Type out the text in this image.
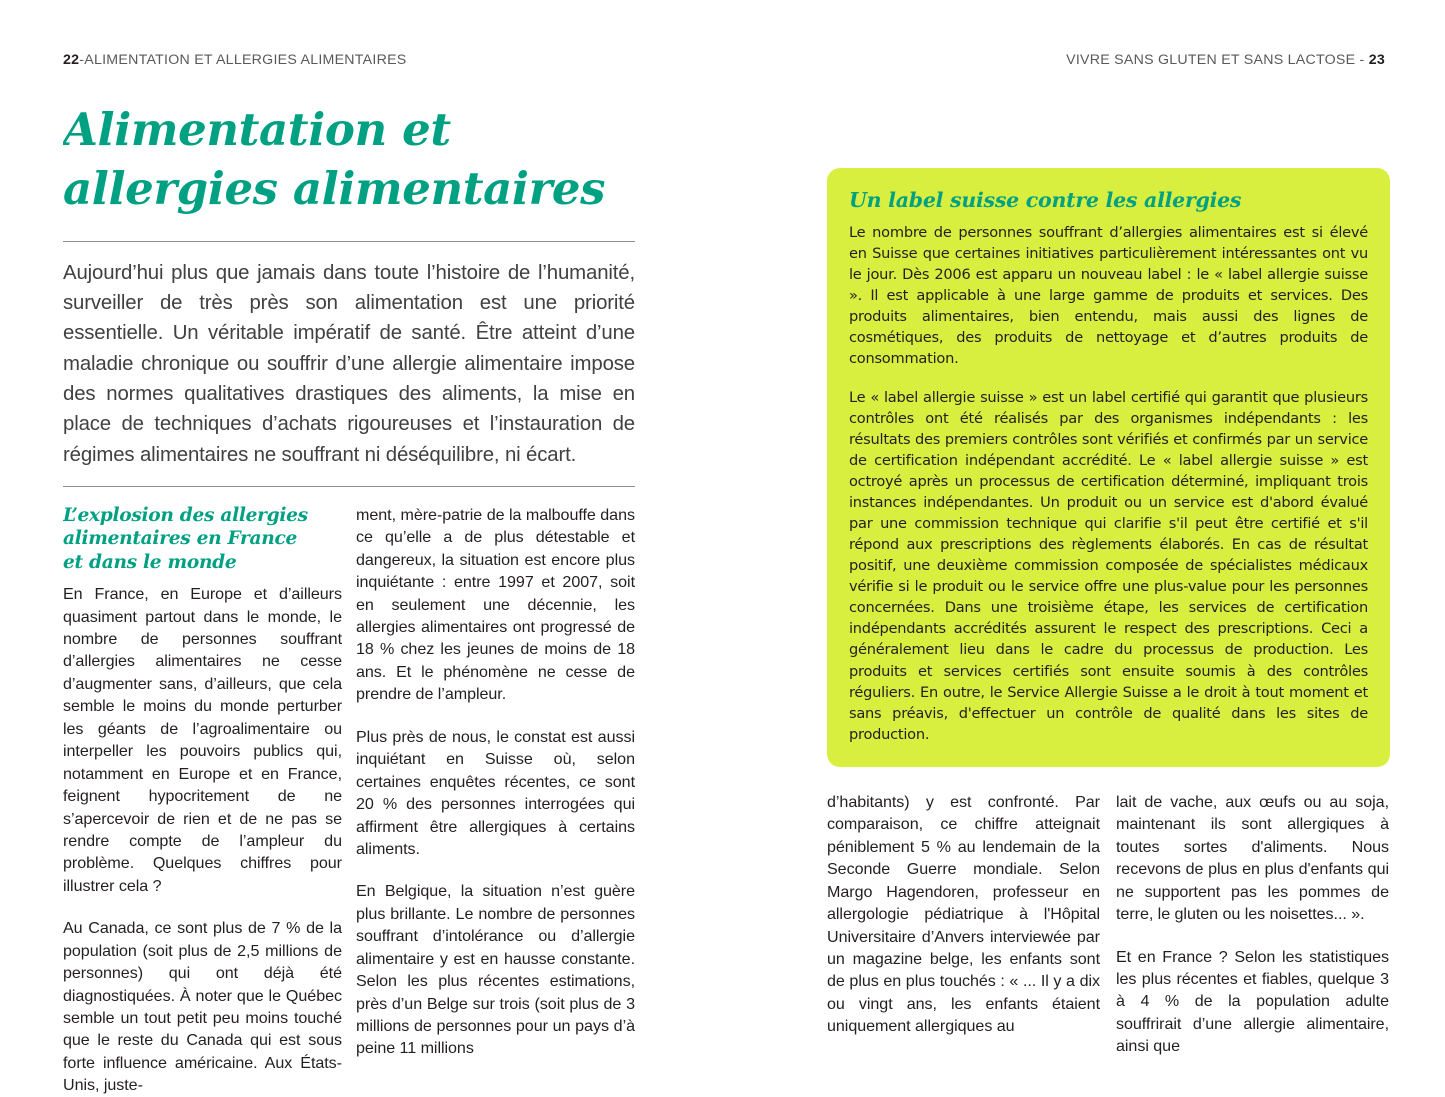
22-ALIMENTATION ET ALLERGIES ALIMENTAIRES	VIVRE SANS GLUTEN ET SANS LACTOSE - 23
Alimentation et
allergies alimentaires

Aujourd’hui plus que jamais dans toute l’histoire de l’humanité, surveiller de très près son alimentation est une priorité essentielle. Un véritable impératif de santé. Être atteint d’une maladie chronique ou souffrir d’une allergie alimentaire impose des normes qualitatives drastiques des aliments, la mise en place de techniques d’achats rigoureuses et l’instauration de régimes alimentaires ne souffrant ni déséquilibre, ni écart.

L’explosion des allergies
alimentaires en France
et dans le monde

En France, en Europe et d’ailleurs quasiment partout dans le monde, le nombre de personnes souffrant d’allergies alimentaires ne cesse d’augmenter sans, d’ailleurs, que cela semble le moins du monde perturber les géants de l’agroalimentaire ou interpeller les pouvoirs publics qui, notamment en Europe et en France, feignent hypocritement de ne s’apercevoir de rien et de ne pas se rendre compte de l’ampleur du problème. Quelques chiffres pour illustrer cela ?

Au Canada, ce sont plus de 7 % de la population (soit plus de 2,5 millions de personnes) qui ont déjà été diagnostiquées. À noter que le Québec semble un tout petit peu moins touché que le reste du Canada qui est sous forte influence américaine. Aux États-Unis, juste-

ment, mère-patrie de la malbouffe dans ce qu’elle a de plus détestable et dangereux, la situation est encore plus inquiétante : entre 1997 et 2007, soit en seulement une décennie, les allergies alimentaires ont progressé de 18 % chez les jeunes de moins de 18 ans. Et le phénomène ne cesse de prendre de l’ampleur.

Plus près de nous, le constat est aussi inquiétant en Suisse où, selon certaines enquêtes récentes, ce sont 20 % des personnes interrogées qui affirment être allergiques à certains aliments.

En Belgique, la situation n’est guère plus brillante. Le nombre de personnes souffrant d’intolérance ou d’allergie alimentaire y est en hausse constante. Selon les plus récentes estimations, près d’un Belge sur trois (soit plus de 3 millions de personnes pour un pays d’à peine 11 millions

Un label suisse contre les allergies

Le nombre de personnes souffrant d’allergies alimentaires est si élevé en Suisse que certaines initiatives particulièrement intéressantes ont vu le jour. Dès 2006 est apparu un nouveau label : le « label allergie suisse ». Il est applicable à une large gamme de produits et services. Des produits alimentaires, bien entendu, mais aussi des lignes de cosmétiques, des produits de nettoyage et d’autres produits de consommation.

Le « label allergie suisse » est un label certifié qui garantit que plusieurs contrôles ont été réalisés par des organismes indépendants : les résultats des premiers contrôles sont vérifiés et confirmés par un service de certification indépendant accrédité. Le « label allergie suisse » est octroyé après un processus de certification déterminé, impliquant trois instances indépendantes. Un produit ou un service est d'abord évalué par une commission technique qui clarifie s'il peut être certifié et s'il répond aux prescriptions des règlements élaborés. En cas de résultat positif, une deuxième commission composée de spécialistes médicaux vérifie si le produit ou le service offre une plus-value pour les personnes concernées. Dans une troisième étape, les services de certification indépendants accrédités assurent le respect des prescriptions. Ceci a généralement lieu dans le cadre du processus de production. Les produits et services certifiés sont ensuite soumis à des contrôles réguliers. En outre, le Service Allergie Suisse a le droit à tout moment et sans préavis, d'effectuer un contrôle de qualité dans les sites de production.

d’habitants) y est confronté. Par comparaison, ce chiffre atteignait péniblement 5 % au lendemain de la Seconde Guerre mondiale. Selon Margo Hagendoren, professeur en allergologie pédiatrique à l'Hôpital Universitaire d’Anvers interviewée par un magazine belge, les enfants sont de plus en plus touchés : « ... Il y a dix ou vingt ans, les enfants étaient uniquement allergiques au

lait de vache, aux œufs ou au soja, maintenant ils sont allergiques à toutes sortes d'aliments. Nous recevons de plus en plus d'enfants qui ne supportent pas les pommes de terre, le gluten ou les noisettes... ».

Et en France ? Selon les statistiques les plus récentes et fiables, quelque 3 à 4 % de la population adulte souffrirait d’une allergie alimentaire, ainsi que
